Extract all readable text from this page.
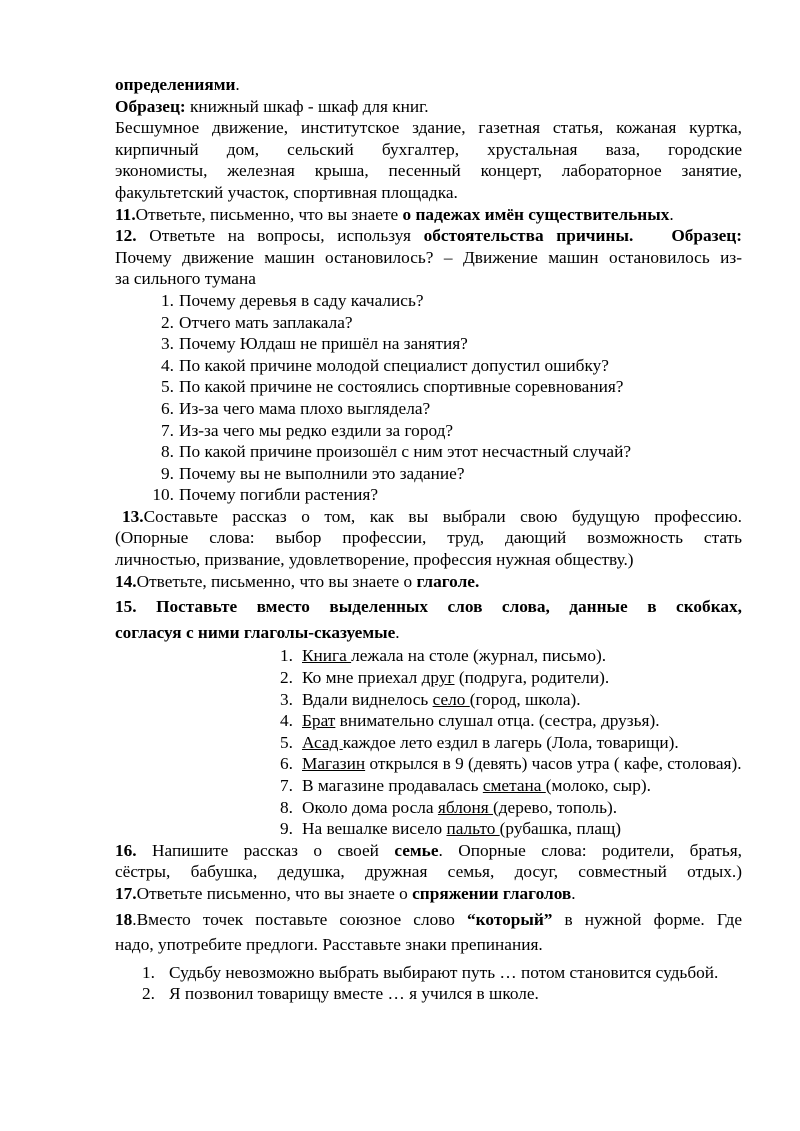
определениями.

Образец: книжный шкаф - шкаф для книг.

Бесшумное движение, институтское здание, газетная статья, кожаная куртка,

кирпичный дом, сельский бухгалтер, хрустальная ваза, городские

экономисты, железная крыша, песенный концерт, лабораторное занятие,

факультетский участок, спортивная площадка.

11.Ответьте, письменно, что вы знаете о падежах имён существительных.

12. Ответьте на вопросы, используя обстоятельства причины. Образец:

Почему движение машин остановилось? – Движение машин остановилось из-

за сильного тумана

1. Почему деревья в саду качались?
2. Отчего мать заплакала?
3. Почему Юлдаш не пришёл на занятия?
4. По какой причине молодой специалист допустил ошибку?
5. По какой причине не состоялись спортивные соревнования?
6. Из-за чего мама плохо выглядела?
7. Из-за чего мы редко ездили за город?
8. По какой причине произошёл с ним этот несчастный случай?
9. Почему вы не выполнили это задание?
10. Почему погибли растения?

13.Составьте рассказ о том, как вы выбрали свою будущую профессию.

(Опорные слова: выбор профессии, труд, дающий возможность стать

личностью, призвание, удовлетворение, профессия нужная обществу.)

14.Ответьте, письменно, что вы знаете о глаголе.

15. Поставьте вместо выделенных слов слова, данные в скобках,

согласуя с ними глаголы-сказуемые.

1. Книга лежала на столе (журнал, письмо).
2. Ко мне приехал друг (подруга, родители).
3. Вдали виднелось село (город, школа).
4. Брат внимательно слушал отца. (сестра, друзья).
5. Асад каждое лето ездил в лагерь (Лола, товарищи).
6. Магазин открылся в 9 (девять) часов утра ( кафе, столовая).
7. В магазине продавалась сметана (молоко, сыр).
8. Около дома росла яблоня (дерево, тополь).
9. На вешалке висело пальто (рубашка, плащ)

16. Напишите рассказ о своей семье. Опорные слова: родители, братья,

сёстры, бабушка, дедушка, дружная семья, досуг, совместный отдых.)

17.Ответьте письменно, что вы знаете о спряжении глаголов.

18.Вместо точек поставьте союзное слово “который” в нужной форме. Где

надо, употребите предлоги. Расставьте знаки препинания.

1. Судьбу невозможно выбрать выбирают путь … потом становится судьбой.
2. Я позвонил товарищу вместе … я учился в школе.
